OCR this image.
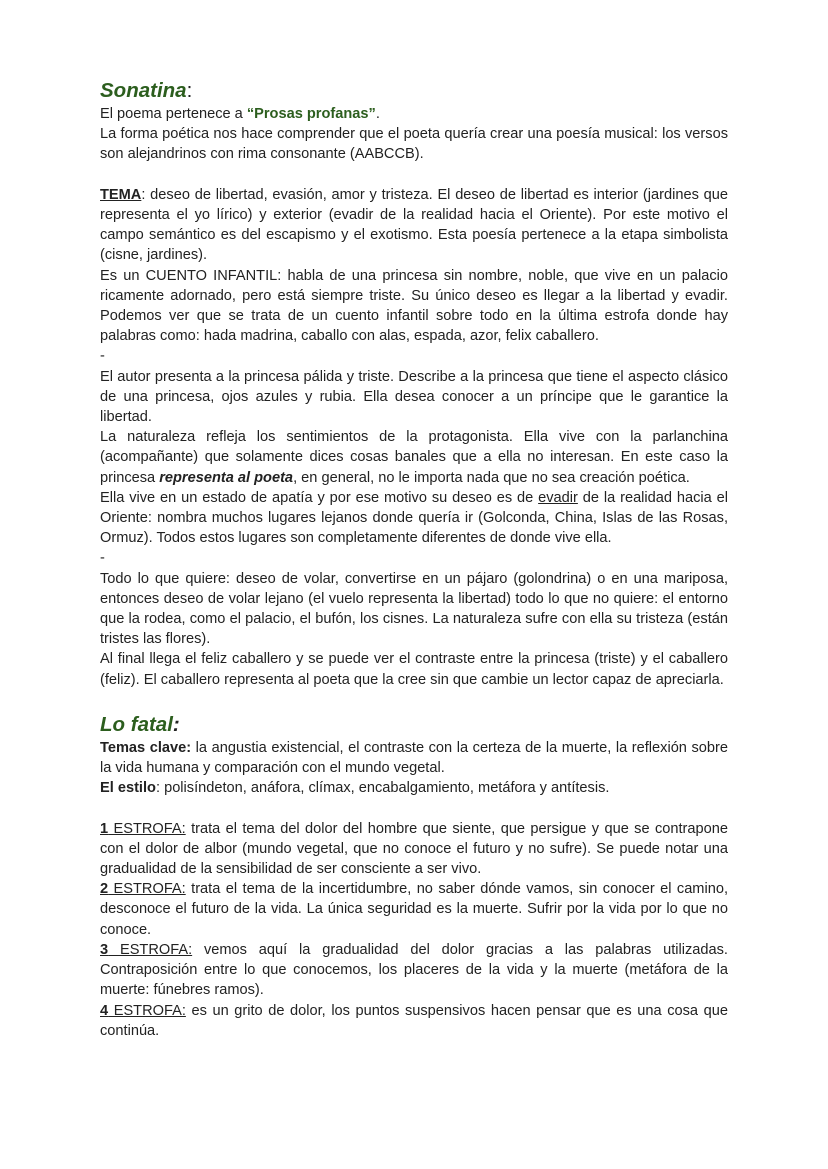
Sonatina:

El poema pertenece a “Prosas profanas”.

La forma poética nos hace comprender que el poeta quería crear una poesía musical: los versos son alejandrinos con rima consonante (AABCCB).

TEMA: deseo de libertad, evasión, amor y tristeza. El deseo de libertad es interior (jardines que representa el yo lírico) y exterior (evadir de la realidad hacia el Oriente). Por este motivo el campo semántico es del escapismo y el exotismo. Esta poesía pertenece a la etapa simbolista (cisne, jardines).

Es un CUENTO INFANTIL: habla de una princesa sin nombre, noble, que vive en un palacio ricamente adornado, pero está siempre triste. Su único deseo es llegar a la libertad y evadir. Podemos ver que se trata de un cuento infantil sobre todo en la última estrofa donde hay palabras como: hada madrina, caballo con alas, espada, azor, felix caballero.

-

El autor presenta a la princesa pálida y triste. Describe a la princesa que tiene el aspecto clásico de una princesa, ojos azules y rubia. Ella desea conocer a un príncipe que le garantice la libertad.

La naturaleza refleja los sentimientos de la protagonista. Ella vive con la parlanchina (acompañante) que solamente dices cosas banales que a ella no interesan. En este caso la princesa representa al poeta, en general, no le importa nada que no sea creación poética.

Ella vive en un estado de apatía y por ese motivo su deseo es de evadir de la realidad hacia el Oriente: nombra muchos lugares lejanos donde quería ir (Golconda, China, Islas de las Rosas, Ormuz). Todos estos lugares son completamente diferentes de donde vive ella.

-

Todo lo que quiere: deseo de volar, convertirse en un pájaro (golondrina) o en una mariposa, entonces deseo de volar lejano (el vuelo representa la libertad) todo lo que no quiere: el entorno que la rodea, como el palacio, el bufón, los cisnes. La naturaleza sufre con ella su tristeza (están tristes las flores).

Al final llega el feliz caballero y se puede ver el contraste entre la princesa (triste) y el caballero (feliz). El caballero representa al poeta que la cree sin que cambie un lector capaz de apreciarla.

Lo fatal:

Temas clave: la angustia existencial, el contraste con la certeza de la muerte, la reflexión sobre la vida humana y comparación con el mundo vegetal.

El estilo: polisíndeton, anáfora, clímax, encabalgamiento, metáfora y antítesis.

1 ESTROFA: trata el tema del dolor del hombre que siente, que persigue y que se contrapone con el dolor de albor (mundo vegetal, que no conoce el futuro y no sufre). Se puede notar una gradualidad de la sensibilidad de ser consciente a ser vivo.

2 ESTROFA: trata el tema de la incertidumbre, no saber dónde vamos, sin conocer el camino, desconoce el futuro de la vida. La única seguridad es la muerte. Sufrir por la vida por lo que no conoce.

3 ESTROFA: vemos aquí la gradualidad del dolor gracias a las palabras utilizadas. Contraposición entre lo que conocemos, los placeres de la vida y la muerte (metáfora de la muerte: fúnebres ramos).

4 ESTROFA: es un grito de dolor, los puntos suspensivos hacen pensar que es una cosa que continúa.
